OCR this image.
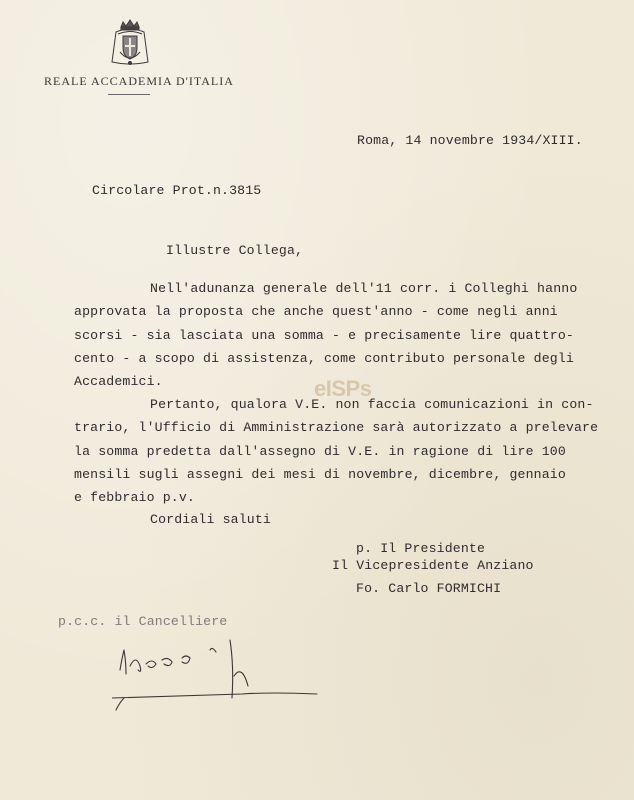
REALE ACCADEMIA D'ITALIA
Roma, 14 novembre 1934/XIII.
Circolare Prot.n.3815
Illustre Collega,
Nell'adunanza generale dell'11 corr. i Colleghi hanno
approvata la proposta che anche quest'anno - come negli anni
scorsi - sia lasciata una somma - e precisamente lire quattro-
cento - a scopo di assistenza, come contributo personale degli
Accademici.
Pertanto, qualora V.E. non faccia comunicazioni in con-
trario, l'Ufficio di Amministrazione sarà autorizzato a prelevare
la somma predetta dall'assegno di V.E. in ragione di lire 100
mensili sugli assegni dei mesi di novembre, dicembre, gennaio
e febbraio p.v.
Cordiali saluti
p. Il Presidente
Il Vicepresidente Anziano
Fo. Carlo FORMICHI
p.c.c. il Cancelliere
eISPs
